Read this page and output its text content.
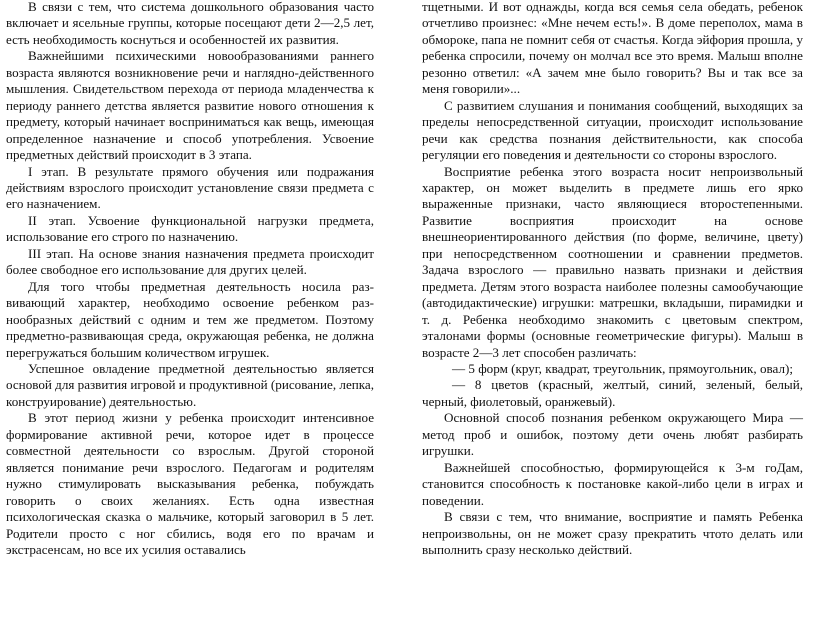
В связи с тем, что система дошкольного образования часто включает и ясельные группы, которые посещают дети 2—2,5 лет, есть необходимость коснуться и особенностей их развития.

Важнейшими психическими новообразованиями раннего возраста являются возникновение речи и наглядно-действенного мышления. Свидетельством перехода от периода младенчества к периоду раннего детства является развитие нового отношения к предмету, который начинает восприниматься как вещь, имеющая определенное назначение и способ употребления. Усвоение предметных действий происходит в 3 этапа.

I этап. В результате прямого обучения или подражания действиям взрослого происходит установление связи предмета с его назначением.

II этап. Усвоение функциональной нагрузки предмета, использование его строго по назначению.

III этап. На основе знания назначения предмета происходит более свободное его использование для других целей.

Для того чтобы предметная деятельность носила развивающий характер, необходимо освоение ребенком разнообразных действий с одним и тем же предметом. Поэтому предметно-развивающая среда, окружающая ребенка, не должна перегружаться большим количеством игрушек.

Успешное овладение предметной деятельностью является основой для развития игровой и продуктивной (рисование, лепка, конструирование) деятельностью.

В этот период жизни у ребенка происходит интенсивное формирование активной речи, которое идет в процессе совместной деятельности со взрослым. Другой стороной является понимание речи взрослого. Педагогам и родителям нужно стимулировать высказывания ребенка, побуждать говорить о своих желаниях. Есть одна известная психологическая сказка о мальчике, который заговорил в 5 лет. Родители просто с ног сбились, водя его по врачам и экстрасенсам, но все их усилия оставались

тщетными. И вот однажды, когда вся семья села обедать, ребенок отчетливо произнес: «Мне нечем есть!». В доме переполох, мама в обмороке, папа не помнит себя от счастья. Когда эйфория прошла, у ребенка спросили, почему он молчал все это время. Малыш вполне резонно ответил: «А зачем мне было говорить? Вы и так все за меня говорили»...

С развитием слушания и понимания сообщений, выходящих за пределы непосредственной ситуации, происходит использование речи как средства познания действительности, как способа регуляции его поведения и деятельности со стороны взрослого.

Восприятие ребенка этого возраста носит непроизвольный характер, он может выделить в предмете лишь его ярко выраженные признаки, часто являющиеся второстепенными. Развитие восприятия происходит на основе внешнеориентированного действия (по форме, величине, цвету) при непосредственном соотношении и сравнении предметов. Задача взрослого — правильно назвать признаки и действия предмета. Детям этого возраста наиболее полезны самообучающие (автодидактические) игрушки: матрешки, вкладыши, пирамидки и т. д. Ребенка необходимо знакомить с цветовым спектром, эталонами формы (основные геометрические фигуры). Малыш в возрасте 2—3 лет способен различать:

— 5 форм (круг, квадрат, треугольник, прямоугольник, овал);

— 8 цветов (красный, желтый, синий, зеленый, белый, черный, фиолетовый, оранжевый).

Основной способ познания ребенком окружающего Мира — метод проб и ошибок, поэтому дети очень любят разбирать игрушки.

Важнейшей способностью, формирующейся к 3-м гоДам, становится способность к постановке какой-либо цели в играх и поведении.

В связи с тем, что внимание, восприятие и память Ребенка непроизвольны, он не может сразу прекратить чтото делать или выполнить сразу несколько действий.
